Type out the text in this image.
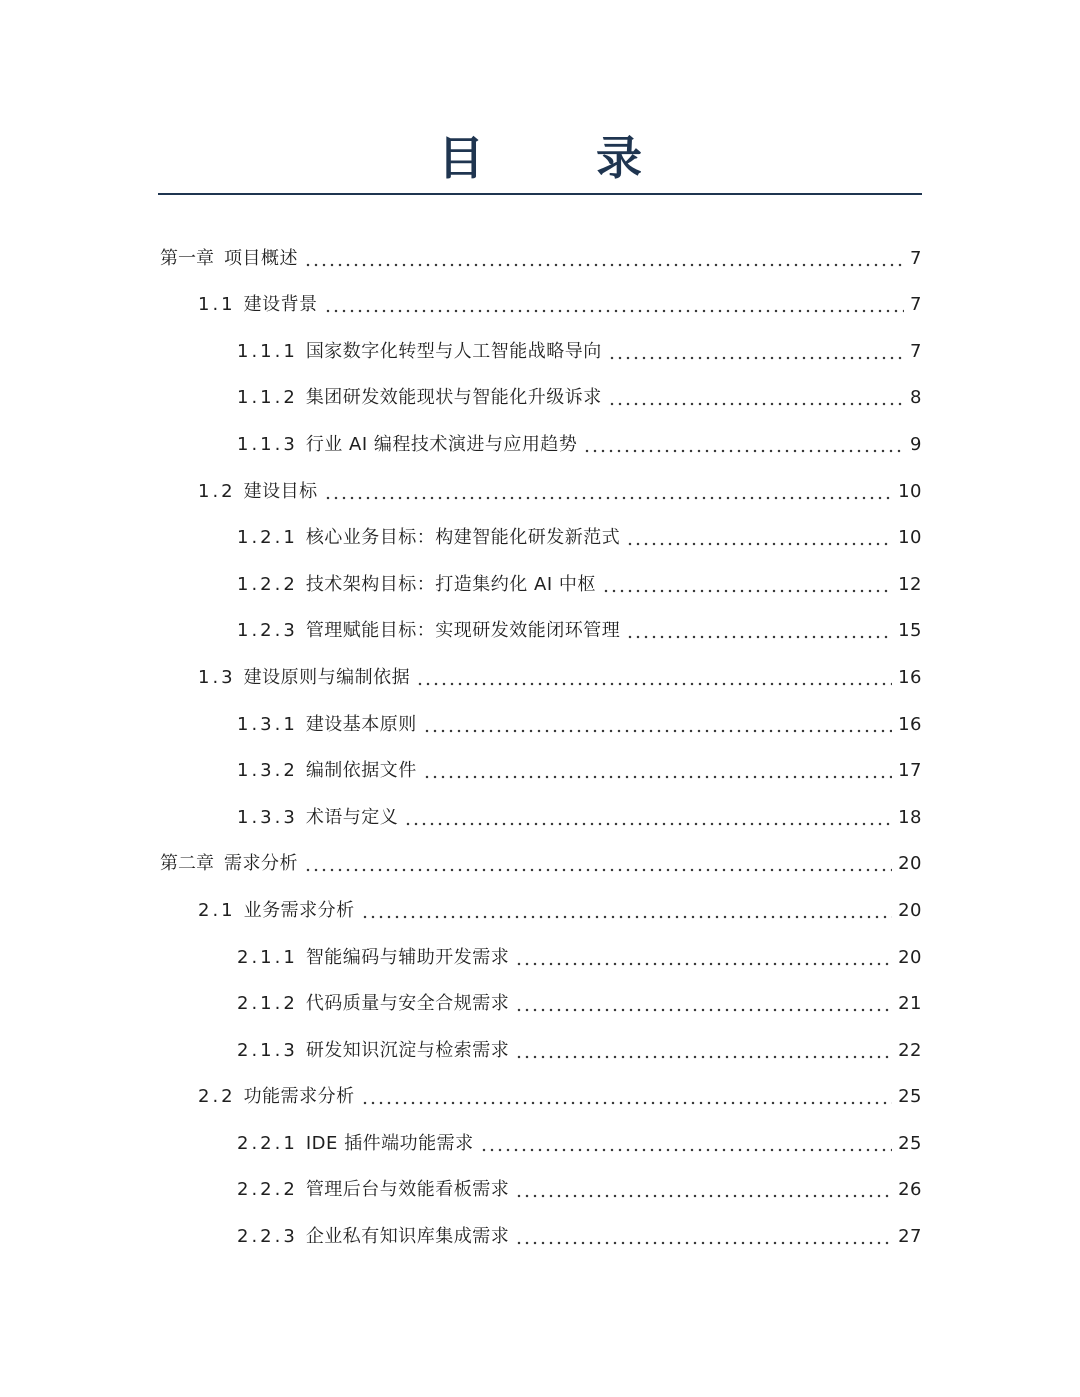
目 录
第一章 项目概述	7
1.1 建设背景	7
1.1.1 国家数字化转型与人工智能战略导向	7
1.1.2 集团研发效能现状与智能化升级诉求	8
1.1.3 行业 AI 编程技术演进与应用趋势	9
1.2 建设目标	10
1.2.1 核心业务目标：构建智能化研发新范式	10
1.2.2 技术架构目标：打造集约化 AI 中枢	12
1.2.3 管理赋能目标：实现研发效能闭环管理	15
1.3 建设原则与编制依据	16
1.3.1 建设基本原则	16
1.3.2 编制依据文件	17
1.3.3 术语与定义	18
第二章 需求分析	20
2.1 业务需求分析	20
2.1.1 智能编码与辅助开发需求	20
2.1.2 代码质量与安全合规需求	21
2.1.3 研发知识沉淀与检索需求	22
2.2 功能需求分析	25
2.2.1 IDE 插件端功能需求	25
2.2.2 管理后台与效能看板需求	26
2.2.3 企业私有知识库集成需求	27
